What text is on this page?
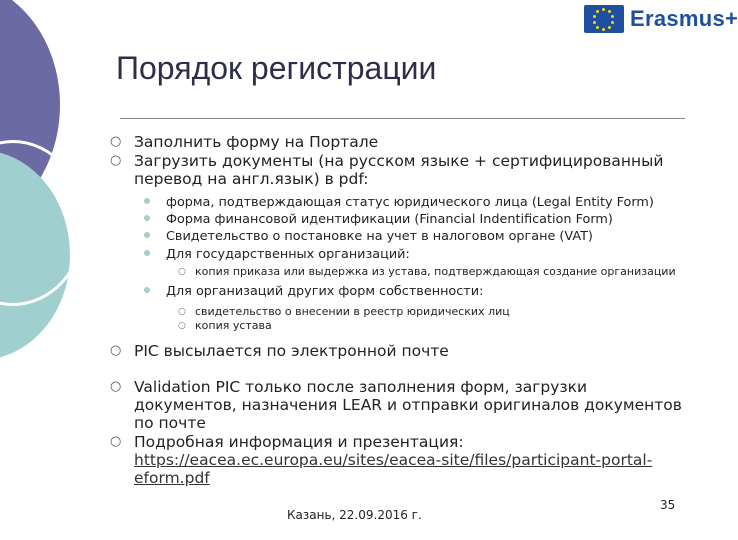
Erasmus+
Порядок регистрации
○ Заполнить форму на Портале
○ Загрузить документы (на русском языке + сертифицированный перевод на англ.язык) в pdf:
форма, подтверждающая статус юридического лица (Legal Entity Form)
Форма финансовой идентификации (Financial Indentification Form)
Свидетельство о постановке на учет в налоговом органе (VAT)
Для государственных организаций:
○ копия приказа или выдержка из устава, подтверждающая создание организации
Для организаций других форм собственности:
○ свидетельство о внесении в реестр юридических лиц
○ копия устава
○ PIC высылается по электронной почте
○ Validation PIC только после заполнения форм, загрузки документов, назначения LEAR и отправки оригиналов документов по почте
○ Подробная информация и презентация:
https://eacea.ec.europa.eu/sites/eacea-site/files/participant-portal-eform.pdf
Казань, 22.09.2016 г.
35
